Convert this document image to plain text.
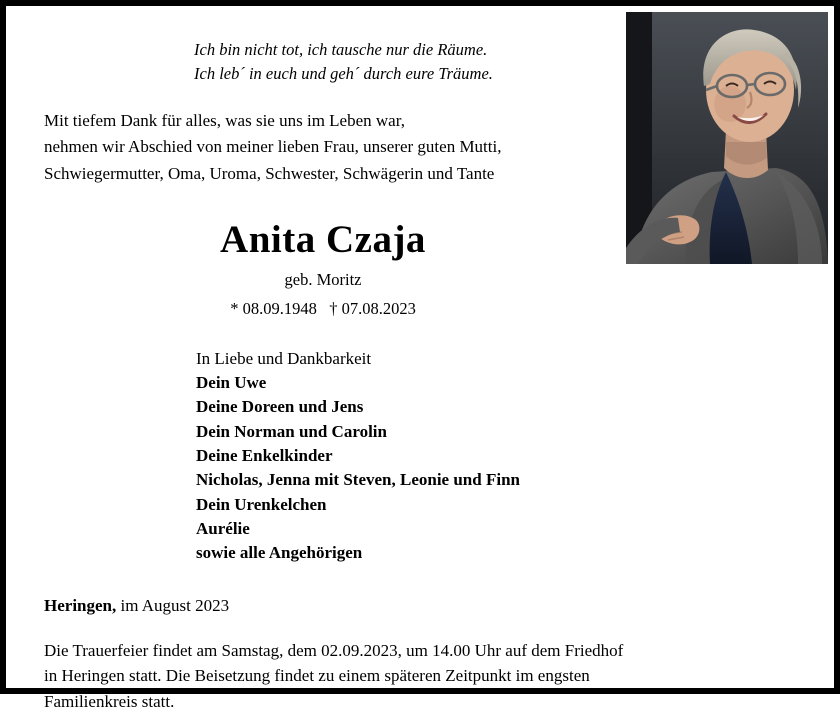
Ich bin nicht tot, ich tausche nur die Räume.
Ich leb´ in euch und geh´ durch eure Träume.
Mit tiefem Dank für alles, was sie uns im Leben war,
nehmen wir Abschied von meiner lieben Frau, unserer guten Mutti,
Schwiegermutter, Oma, Uroma, Schwester, Schwägerin und Tante
Anita Czaja
geb. Moritz
* 08.09.1948   † 07.08.2023
In Liebe und Dankbarkeit
Dein Uwe
Deine Doreen und Jens
Dein Norman und Carolin
Deine Enkelkinder
Nicholas, Jenna mit Steven, Leonie und Finn
Dein Urenkelchen
Aurélie
sowie alle Angehörigen
Heringen, im August 2023
Die Trauerfeier findet am Samstag, dem 02.09.2023, um 14.00 Uhr auf dem Friedhof
in Heringen statt. Die Beisetzung findet zu einem späteren Zeitpunkt im engsten
Familienkreis statt.
